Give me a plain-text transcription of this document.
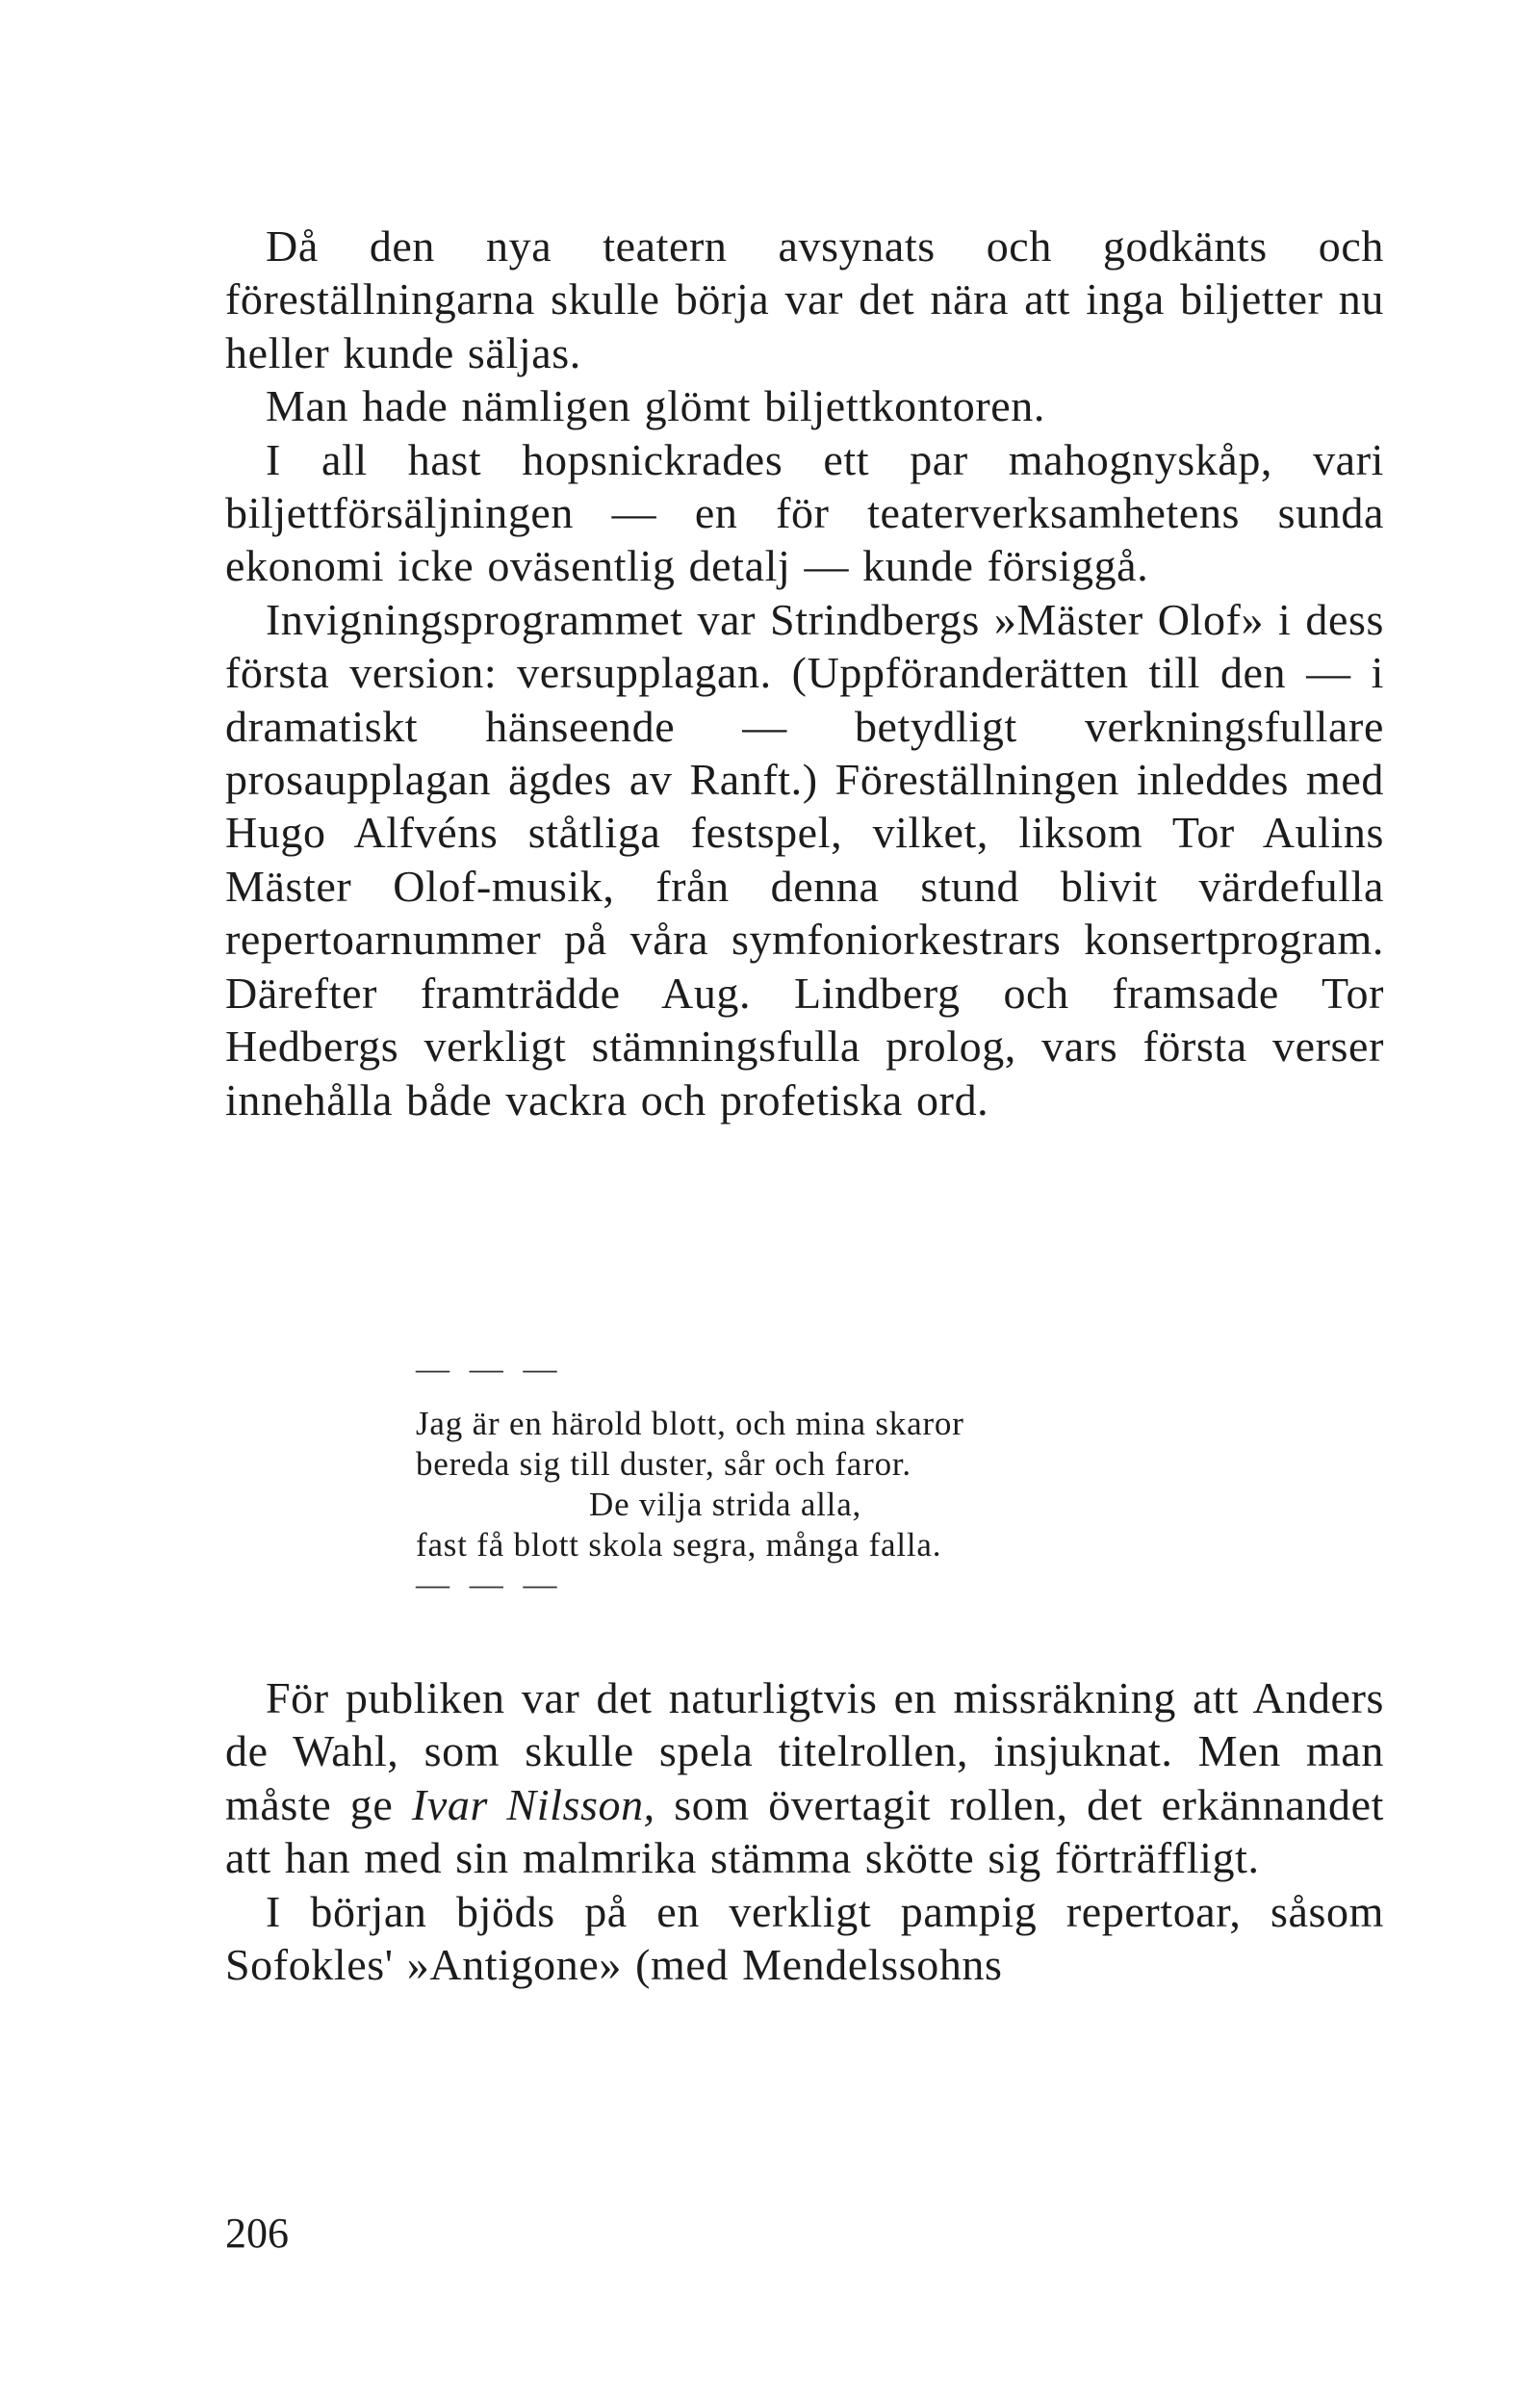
Då den nya teatern avsynats och godkänts och föreställningarna skulle börja var det nära att inga biljetter nu heller kunde säljas.

Man hade nämligen glömt biljettkontoren.

I all hast hopsnickrades ett par mahognyskåp, vari biljettförsäljningen — en för teaterverksamhetens sunda ekonomi icke oväsentlig detalj — kunde försiggå.

Invigningsprogrammet var Strindbergs »Mäster Olof» i dess första version: versupplagan. (Uppföranderätten till den — i dramatiskt hänseende — betydligt verkningsfullare prosaupplagan ägdes av Ranft.) Föreställningen inleddes med Hugo Alfvéns ståtliga festspel, vilket, liksom Tor Aulins Mäster Olof-musik, från denna stund blivit värdefulla repertoarnummer på våra symfoniorkestrars konsertprogram. Därefter framträdde Aug. Lindberg och framsade Tor Hedbergs verkligt stämningsfulla prolog, vars första verser innehålla både vackra och profetiska ord.

— — —
Jag är en härold blott, och mina skaror
bereda sig till duster, sår och faror.
De vilja strida alla,
fast få blott skola segra, många falla.
— — —

För publiken var det naturligtvis en missräkning att Anders de Wahl, som skulle spela titelrollen, insjuknat. Men man måste ge Ivar Nilsson, som övertagit rollen, det erkännandet att han med sin malmrika stämma skötte sig förträffligt.

I början bjöds på en verkligt pampig repertoar, såsom Sofokles' »Antigone» (med Mendelssohns

206
